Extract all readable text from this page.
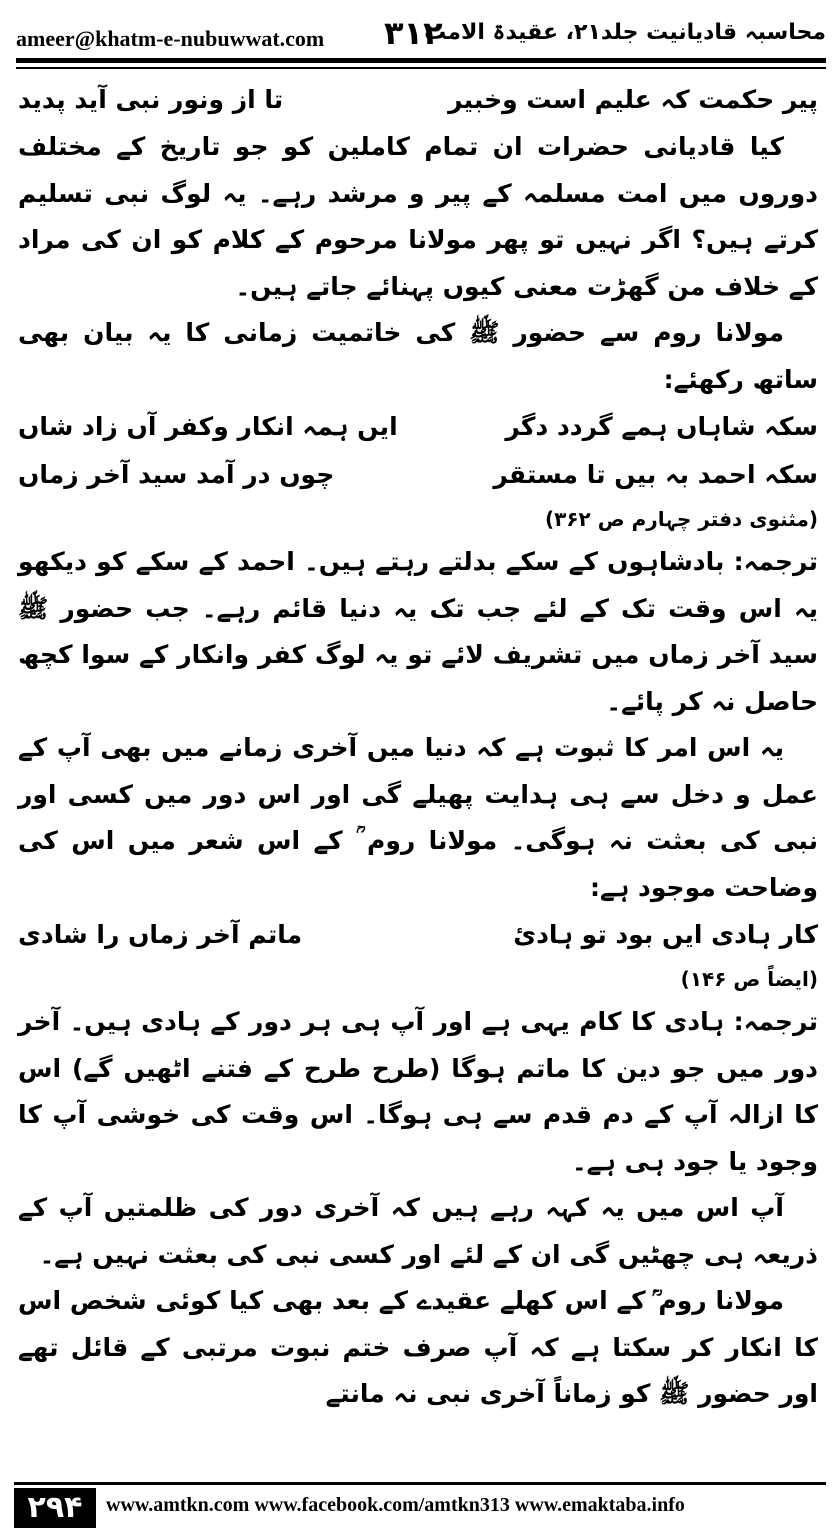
ameer@khatm-e-nubuwwat.com ۳۱۲
محاسبہ قادیانیت جلد۲۱، عقیدۃ الامت
پیر حکمت کہ علیم است وخبیر
تا از ونور نبی آید پدید

کیا قادیانی حضرات ان تمام کاملین کو جو تاریخ کے مختلف دوروں میں امت مسلمہ کے پیر و مرشد رہے۔ یہ لوگ نبی تسلیم کرتے ہیں؟ اگر نہیں تو پھر مولانا مرحوم کے کلام کو ان کی مراد کے خلاف من گھڑت معنی کیوں پہنائے جاتے ہیں۔

مولانا روم سے حضور ﷺ کی خاتمیت زمانی کا یہ بیان بھی ساتھ رکھئے:

سکہ شاہاں ہمے گردد دگر
ایں ہمہ انکار وکفر آں زاد شاں
سکہ احمد بہ بیں تا مستقر
چوں در آمد سید آخر زماں

(مثنوی دفتر چہارم ص ۳۶۲)

ترجمہ: بادشاہوں کے سکے بدلتے رہتے ہیں۔ احمد کے سکے کو دیکھو یہ اس وقت تک کے لئے جب تک یہ دنیا قائم رہے۔ جب حضور ﷺ سید آخر زماں میں تشریف لائے تو یہ لوگ کفر وانکار کے سوا کچھ حاصل نہ کر پائے۔

یہ اس امر کا ثبوت ہے کہ دنیا میں آخری زمانے میں بھی آپ کے عمل و دخل سے ہی ہدایت پھیلے گی اور اس دور میں کسی اور نبی کی بعثت نہ ہوگی۔ مولانا روم ؒ کے اس شعر میں اس کی وضاحت موجود ہے:

کار ہادی ایں بود تو ہادیٔ
ماتم آخر زماں را شادی

(ایضاً ص ۱۴۶)

ترجمہ: ہادی کا کام یہی ہے اور آپ ہی ہر دور کے ہادی ہیں۔ آخر دور میں جو دین کا ماتم ہوگا (طرح طرح کے فتنے اٹھیں گے) اس کا ازالہ آپ کے دم قدم سے ہی ہوگا۔ اس وقت کی خوشی آپ کا وجود یا جود ہی ہے۔

آپ اس میں یہ کہہ رہے ہیں کہ آخری دور کی ظلمتیں آپ کے ذریعہ ہی چھٹیں گی ان کے لئے اور کسی نبی کی بعثت نہیں ہے۔

مولانا روم ؒ کے اس کھلے عقیدے کے بعد بھی کیا کوئی شخص اس کا انکار کر سکتا ہے کہ آپ صرف ختم نبوت مرتبی کے قائل تھے اور حضور ﷺ کو زماناً آخری نبی نہ مانتے

۲۹۴	www.amtkn.com www.facebook.com/amtkn313 www.emaktaba.info
